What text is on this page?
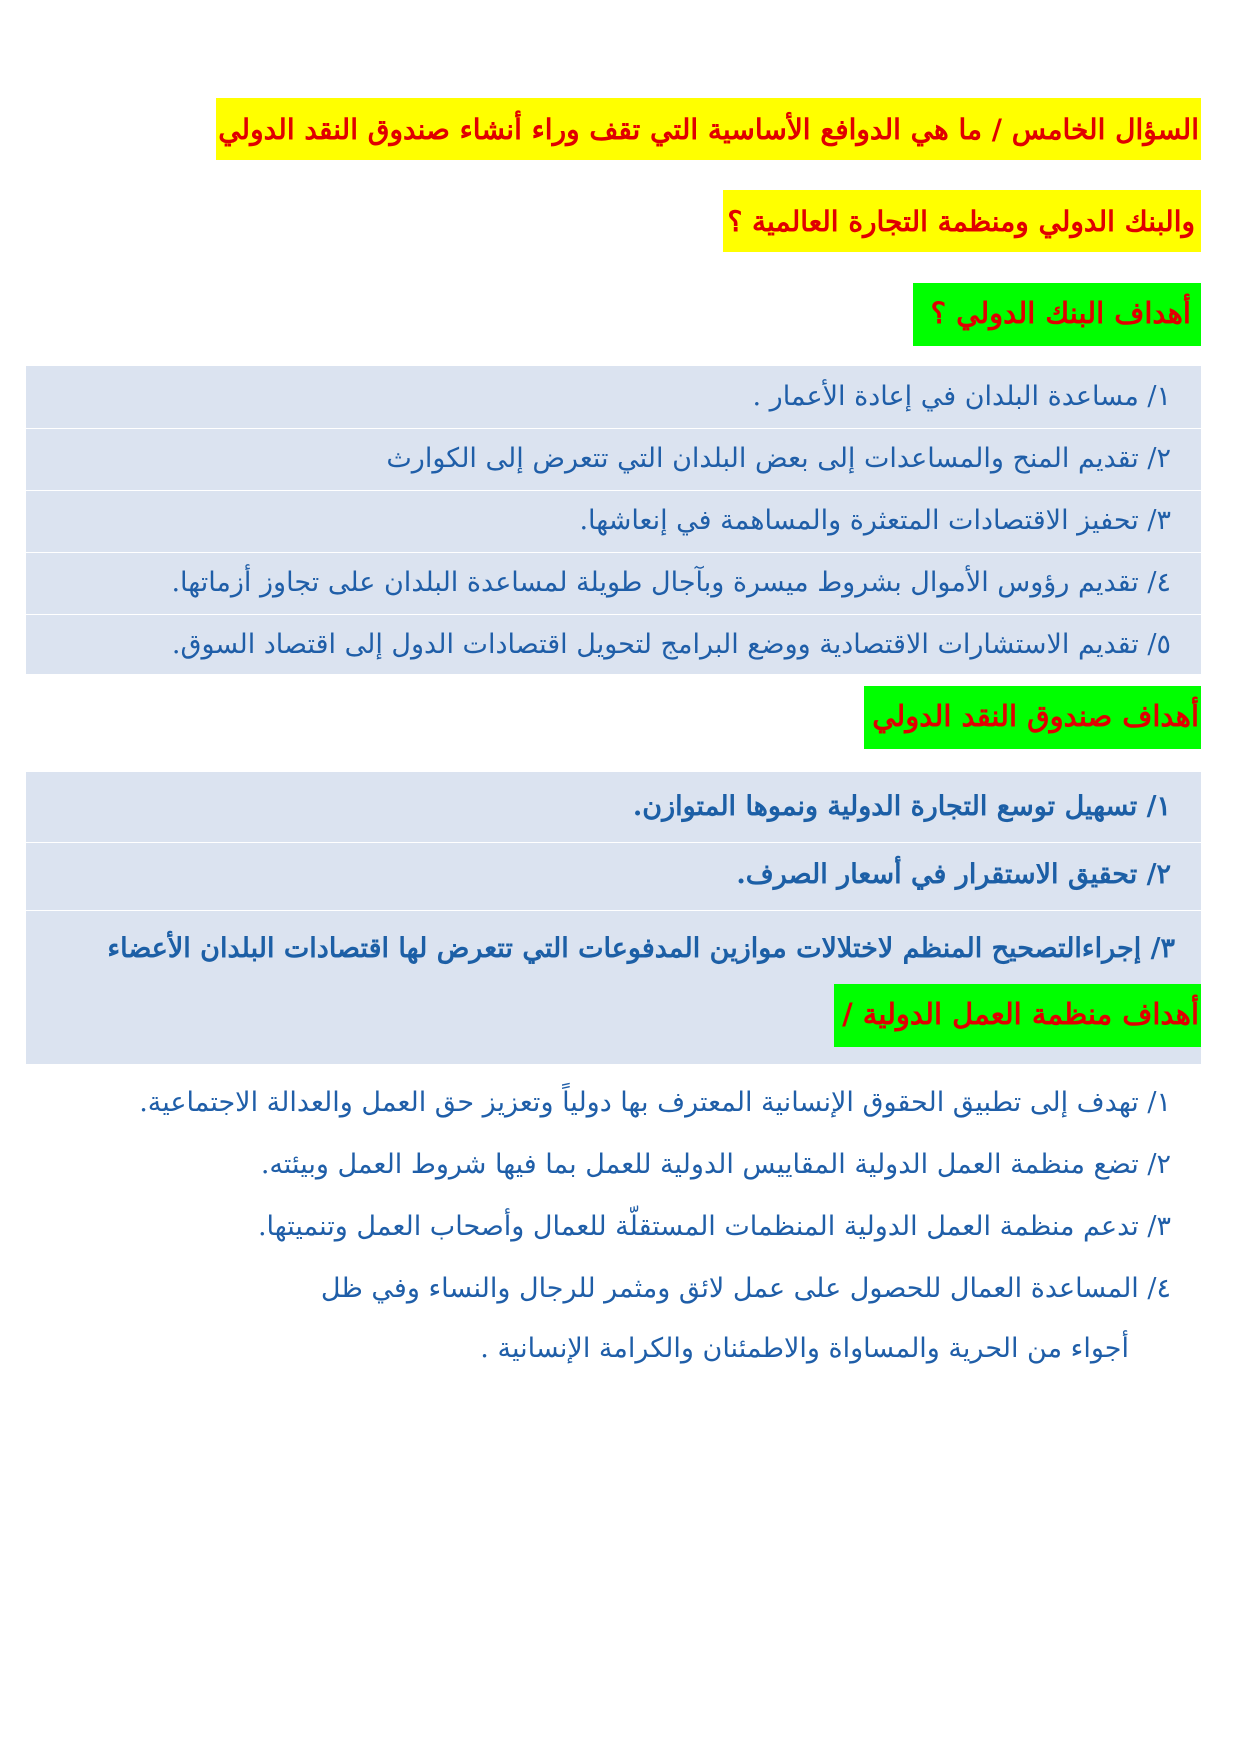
السؤال الخامس / ما هي الدوافع الأساسية التي تقف وراء أنشاء صندوق النقد الدولي
والبنك الدولي ومنظمة التجارة العالمية ؟
أهداف البنك الدولي ؟
١/ مساعدة البلدان في إعادة الأعمار .
٢/ تقديم المنح والمساعدات إلى بعض البلدان التي تتعرض إلى الكوارث
٣/ تحفيز الاقتصادات المتعثرة والمساهمة في إنعاشها.
٤/ تقديم رؤوس الأموال بشروط ميسرة وبآجال طويلة لمساعدة البلدان على تجاوز أزماتها.
٥/ تقديم الاستشارات الاقتصادية ووضع البرامج لتحويل اقتصادات الدول إلى اقتصاد السوق.
أهداف صندوق النقد الدولي
١/ تسهيل توسع التجارة الدولية ونموها المتوازن.
٢/ تحقيق الاستقرار في أسعار الصرف.
٣/ إجراءالتصحيح المنظم لاختلالات موازين المدفوعات التي تتعرض لها اقتصادات البلدان الأعضاء
أهداف منظمة العمل الدولية /
١/ تهدف إلى تطبيق الحقوق الإنسانية المعترف بها دولياً وتعزيز حق العمل والعدالة الاجتماعية.
٢/ تضع منظمة العمل الدولية المقاييس الدولية للعمل بما فيها شروط العمل وبيئته.
٣/ تدعم منظمة العمل الدولية المنظمات المستقلّة للعمال وأصحاب العمل وتنميتها.
٤/ المساعدة العمال للحصول على عمل لائق ومثمر للرجال والنساء وفي ظل
أجواء من الحرية والمساواة والاطمئنان والكرامة الإنسانية .
